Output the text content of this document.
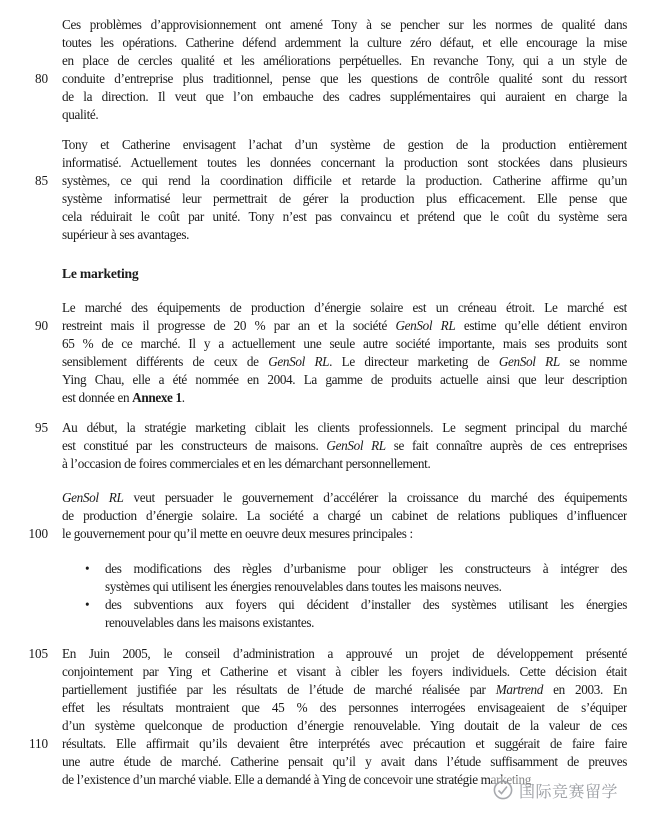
80
85
90
95
100
105
110
Ces problèmes d’approvisionnement ont amené Tony à se pencher sur les normes de qualité dans
toutes les opérations. Catherine défend ardemment la culture zéro défaut, et elle encourage la mise
en place de cercles qualité et les améliorations perpétuelles. En revanche Tony, qui a un style de
conduite d’entreprise plus traditionnel, pense que les questions de contrôle qualité sont du ressort
de la direction. Il veut que l’on embauche des cadres supplémentaires qui auraient en charge la
qualité.
Tony et Catherine envisagent l’achat d’un système de gestion de la production entièrement
informatisé. Actuellement toutes les données concernant la production sont stockées dans plusieurs
systèmes, ce qui rend la coordination difficile et retarde la production. Catherine affirme qu’un
système informatisé leur permettrait de gérer la production plus efficacement. Elle pense que
cela réduirait le coût par unité. Tony n’est pas convaincu et prétend que le coût du système sera
supérieur à ses avantages.
Le marketing
Le marché des équipements de production d’énergie solaire est un créneau étroit. Le marché est
restreint mais il progresse de 20 % par an et la société GenSol RL estime qu’elle détient environ
65 % de ce marché. Il y a actuellement une seule autre société importante, mais ses produits sont
sensiblement différents de ceux de GenSol RL. Le directeur marketing de GenSol RL se nomme
Ying Chau, elle a été nommée en 2004. La gamme de produits actuelle ainsi que leur description
est donnée en Annexe 1.
Au début, la stratégie marketing ciblait les clients professionnels. Le segment principal du marché
est constitué par les constructeurs de maisons. GenSol RL se fait connaître auprès de ces entreprises
à l’occasion de foires commerciales et en les démarchant personnellement.
GenSol RL veut persuader le gouvernement d’accélérer la croissance du marché des équipements
de production d’énergie solaire. La société a chargé un cabinet de relations publiques d’influencer
le gouvernement pour qu’il mette en oeuvre deux mesures principales :
• des modifications des règles d’urbanisme pour obliger les constructeurs à intégrer des
systèmes qui utilisent les énergies renouvelables dans toutes les maisons neuves.
• des subventions aux foyers qui décident d’installer des systèmes utilisant les énergies
renouvelables dans les maisons existantes.
En Juin 2005, le conseil d’administration a approuvé un projet de développement présenté
conjointement par Ying et Catherine et visant à cibler les foyers individuels. Cette décision était
partiellement justifiée par les résultats de l’étude de marché réalisée par Martrend en 2003. En
effet les résultats montraient que 45 % des personnes interrogées envisageaient de s’équiper
d’un système quelconque de production d’énergie renouvelable. Ying doutait de la valeur de ces
résultats. Elle affirmait qu’ils devaient être interprétés avec précaution et suggérait de faire faire
une autre étude de marché. Catherine pensait qu’il y avait dans l’étude suffisamment de preuves
de l’existence d’un marché viable. Elle a demandé à Ying de concevoir une stratégie marketing
国际竞赛留学
